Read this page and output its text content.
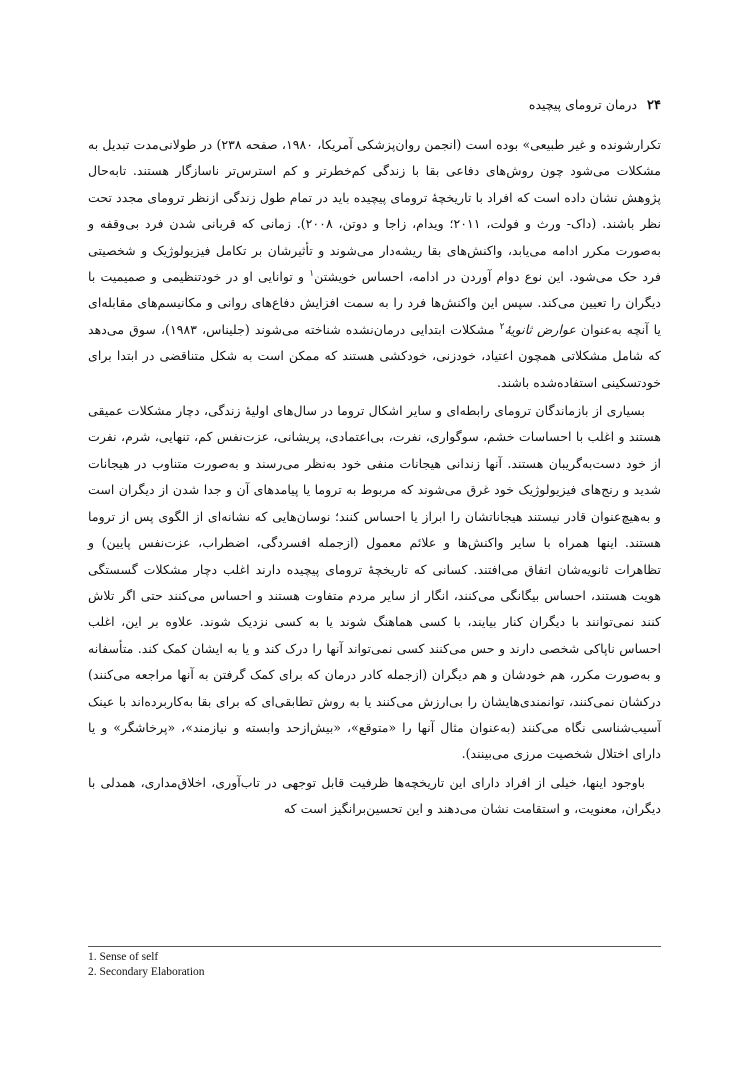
۲۴
درمان ترومای پیچیده

تکرارشونده و غیر طبیعی» بوده است (انجمن روان‌پزشکی آمریکا، ۱۹۸۰، صفحه ۲۳۸) در طولانی‌مدت تبدیل به مشکلات می‌شود چون روش‌های دفاعی بقا با زندگی کم‌خطرتر و کم استرس‌تر ناسازگار هستند. تابه‌حال پژوهش نشان داده است که افراد با تاریخچهٔ ترومای پیچیده باید در تمام طول زندگی ازنظر ترومای مجدد تحت نظر باشند. (داک- ورث و فولت، ۲۰۱۱؛ ویدام، زاجا و دوتن، ۲۰۰۸). زمانی که قربانی شدن فرد بی‌وقفه و به‌صورت مکرر ادامه می‌یابد، واکنش‌های بقا ریشه‌دار می‌شوند و تأثیرشان بر تکامل فیزیولوژیک و شخصیتی فرد حک می‌شود. این نوع دوام آوردن در ادامه، احساس خویشتن$^۱$ و توانایی او در خودتنظیمی و صمیمیت با دیگران را تعیین می‌کند. سپس این واکنش‌ها فرد را به سمت افزایش دفاع‌های روانی و مکانیسم‌های مقابله‌ای یا آنچه به‌عنوان عوارض ثانویهٔ$^۲$ مشکلات ابتدایی درمان‌نشده شناخته می‌شوند (جلیناس، ۱۹۸۳)، سوق می‌دهد که شامل مشکلاتی همچون اعتیاد، خودزنی، خودکشی هستند که ممکن است به شکل متناقضی در ابتدا برای خودتسکینی استفاده‌شده باشند.

بسیاری از بازماندگان ترومای رابطه‌ای و سایر اشکال تروما در سال‌های اولیهٔ زندگی، دچار مشکلات عمیقی هستند و اغلب با احساسات خشم، سوگواری، نفرت، بی‌اعتمادی، پریشانی، عزت‌نفس کم، تنهایی، شرم، نفرت از خود دست‌به‌گریبان هستند. آنها زندانی هیجانات منفی خود به‌نظر می‌رسند و به‌صورت متناوب در هیجانات شدید و رنج‌های فیزیولوژیک خود غرق می‌شوند که مربوط به تروما یا پیامدهای آن و جدا شدن از دیگران است و به‌هیچ‌عنوان قادر نیستند هیجاناتشان را ابراز یا احساس کنند؛ نوسان‌هایی که نشانه‌ای از الگوی پس از تروما هستند. اینها همراه با سایر واکنش‌ها و علائم معمول (ازجمله افسردگی، اضطراب، عزت‌نفس پایین) و تظاهرات ثانویه‌شان اتفاق می‌افتند. کسانی که تاریخچهٔ ترومای پیچیده دارند اغلب دچار مشکلات گسستگی هویت هستند، احساس بیگانگی می‌کنند، انگار از سایر مردم متفاوت هستند و احساس می‌کنند حتی اگر تلاش کنند نمی‌توانند با دیگران کنار بیایند، با کسی هماهنگ شوند یا به کسی نزدیک شوند. علاوه بر این، اغلب احساس ناپاکی شخصی دارند و حس می‌کنند کسی نمی‌تواند آنها را درک کند و یا به ایشان کمک کند. متأسفانه و به‌صورت مکرر، هم خودشان و هم دیگران (ازجمله کادر درمان که برای کمک گرفتن به آنها مراجعه می‌کنند) درکشان نمی‌کنند، توانمندی‌هایشان را بی‌ارزش می‌کنند یا به روش تطابقی‌ای که برای بقا به‌کاربرده‌اند با عینک آسیب‌شناسی نگاه می‌کنند (به‌عنوان مثال آنها را «متوقع»، «بیش‌ازحد وابسته و نیازمند»، «پرخاشگر» و یا دارای اختلال شخصیت مرزی می‌بینند).

باوجود اینها، خیلی از افراد دارای این تاریخچه‌ها ظرفیت قابل توجهی در تاب‌آوری، اخلاق‌مداری، همدلی با دیگران، معنویت، و استقامت نشان می‌دهند و این تحسین‌برانگیز است که

1. Sense of self
2. Secondary Elaboration
